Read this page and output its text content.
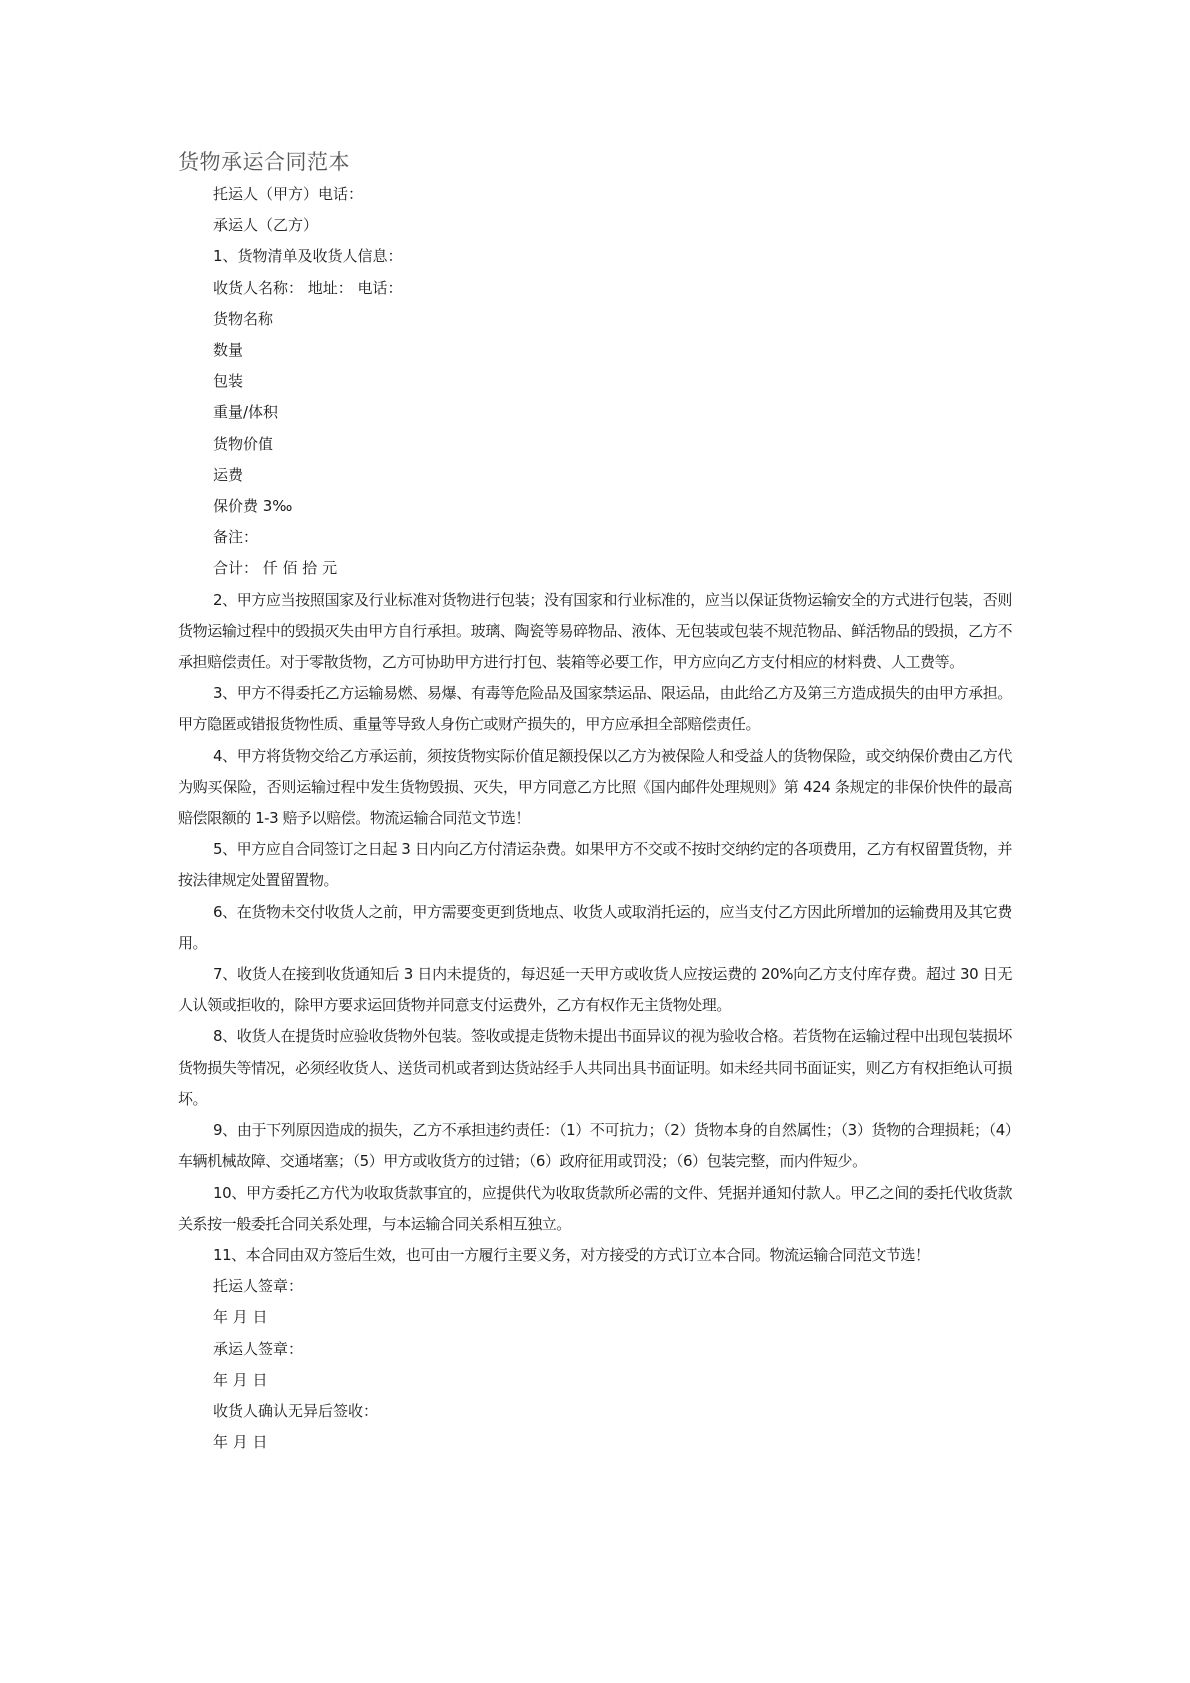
货物承运合同范本

托运人（甲方）电话：

承运人（乙方）

1、货物清单及收货人信息：

收货人名称： 地址： 电话：

货物名称

数量

包装

重量/体积

货物价值

运费

保价费 3‰

备注：

合计： 仟 佰 拾 元

2、甲方应当按照国家及行业标准对货物进行包装；没有国家和行业标准的，应当以保证货物运输安全的方式进行包装，否则货物运输过程中的毁损灭失由甲方自行承担。玻璃、陶瓷等易碎物品、液体、无包装或包装不规范物品、鲜活物品的毁损，乙方不承担赔偿责任。对于零散货物，乙方可协助甲方进行打包、装箱等必要工作，甲方应向乙方支付相应的材料费、人工费等。

3、甲方不得委托乙方运输易燃、易爆、有毒等危险品及国家禁运品、限运品，由此给乙方及第三方造成损失的由甲方承担。甲方隐匿或错报货物性质、重量等导致人身伤亡或财产损失的，甲方应承担全部赔偿责任。

4、甲方将货物交给乙方承运前，须按货物实际价值足额投保以乙方为被保险人和受益人的货物保险，或交纳保价费由乙方代为购买保险，否则运输过程中发生货物毁损、灭失，甲方同意乙方比照《国内邮件处理规则》第 424 条规定的非保价快件的最高赔偿限额的 1-3 赔予以赔偿。物流运输合同范文节选！

5、甲方应自合同签订之日起 3 日内向乙方付清运杂费。如果甲方不交或不按时交纳约定的各项费用，乙方有权留置货物，并按法律规定处置留置物。

6、在货物未交付收货人之前，甲方需要变更到货地点、收货人或取消托运的，应当支付乙方因此所增加的运输费用及其它费用。

7、收货人在接到收货通知后 3 日内未提货的，每迟延一天甲方或收货人应按运费的 20%向乙方支付库存费。超过 30 日无人认领或拒收的，除甲方要求运回货物并同意支付运费外，乙方有权作无主货物处理。

8、收货人在提货时应验收货物外包装。签收或提走货物未提出书面异议的视为验收合格。若货物在运输过程中出现包装损坏货物损失等情况，必须经收货人、送货司机或者到达货站经手人共同出具书面证明。如未经共同书面证实，则乙方有权拒绝认可损坏。

9、由于下列原因造成的损失，乙方不承担违约责任：（1）不可抗力；（2）货物本身的自然属性；（3）货物的合理损耗；（4）车辆机械故障、交通堵塞；（5）甲方或收货方的过错；（6）政府征用或罚没；（6）包装完整，而内件短少。

10、甲方委托乙方代为收取货款事宜的，应提供代为收取货款所必需的文件、凭据并通知付款人。甲乙之间的委托代收货款关系按一般委托合同关系处理，与本运输合同关系相互独立。

11、本合同由双方签后生效，也可由一方履行主要义务，对方接受的方式订立本合同。物流运输合同范文节选！

托运人签章：

年 月 日

承运人签章：

年 月 日

收货人确认无异后签收：

年 月 日
